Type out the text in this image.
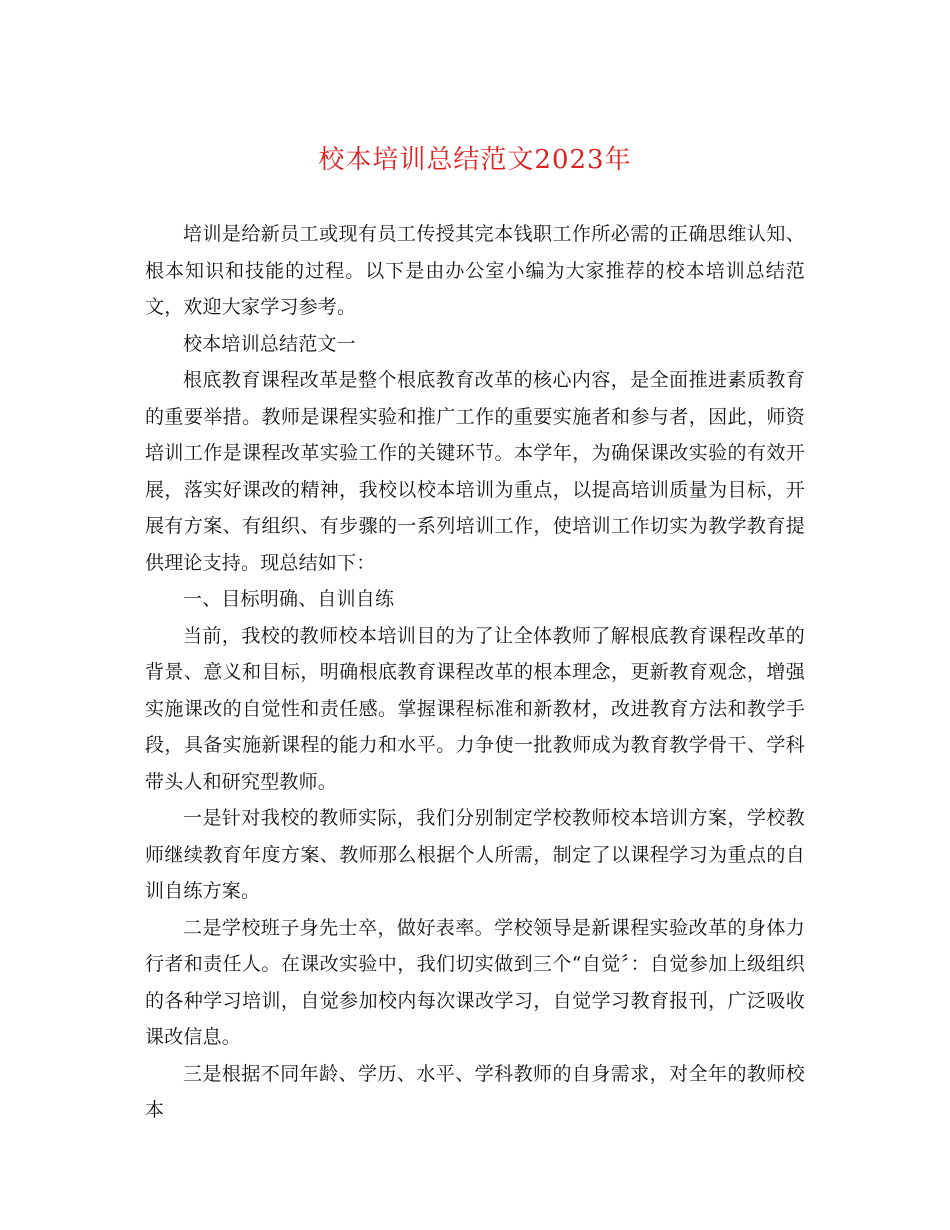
校本培训总结范文2023年

培训是给新员工或现有员工传授其完本钱职工作所必需的正确思维认知、根本知识和技能的过程。以下是由办公室小编为大家推荐的校本培训总结范文，欢迎大家学习参考。

校本培训总结范文一

根底教育课程改革是整个根底教育改革的核心内容，是全面推进素质教育的重要举措。教师是课程实验和推广工作的重要实施者和参与者，因此，师资培训工作是课程改革实验工作的关键环节。本学年，为确保课改实验的有效开展，落实好课改的精神，我校以校本培训为重点，以提高培训质量为目标，开展有方案、有组织、有步骤的一系列培训工作，使培训工作切实为教学教育提供理论支持。现总结如下：

一、目标明确、自训自练

当前，我校的教师校本培训目的为了让全体教师了解根底教育课程改革的背景、意义和目标，明确根底教育课程改革的根本理念，更新教育观念，增强实施课改的自觉性和责任感。掌握课程标准和新教材，改进教育方法和教学手段，具备实施新课程的能力和水平。力争使一批教师成为教育教学骨干、学科带头人和研究型教师。

一是针对我校的教师实际，我们分别制定学校教师校本培训方案，学校教师继续教育年度方案、教师那么根据个人所需，制定了以课程学习为重点的自训自练方案。

二是学校班子身先士卒，做好表率。学校领导是新课程实验改革的身体力行者和责任人。在课改实验中，我们切实做到三个“自觉〞：自觉参加上级组织的各种学习培训，自觉参加校内每次课改学习，自觉学习教育报刊，广泛吸收课改信息。

三是根据不同年龄、学历、水平、学科教师的自身需求，对全年的教师校本
